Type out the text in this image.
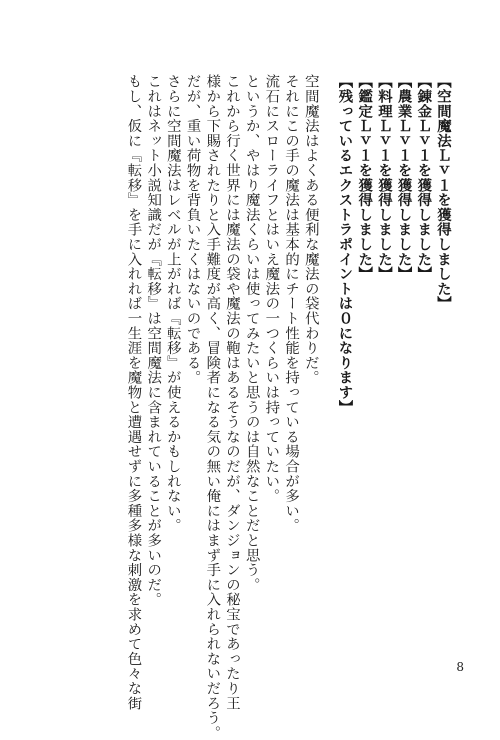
【空間魔法Ｌｖ１を獲得しました】
【錬金Ｌｖ１を獲得しました】
【農業Ｌｖ１を獲得しました】
【料理Ｌｖ１を獲得しました】
【鑑定Ｌｖ１を獲得しました】
【残っているエクストラポイントは０になります】
空間魔法はよくある便利な魔法の袋代わりだ。
それにこの手の魔法は基本的にチート性能を持っている場合が多い。
流石にスローライフとはいえ魔法の一つくらいは持っていたい。
というか、やはり魔法くらいは使ってみたいと思うのは自然なことだと思う。
これから行く世界には魔法の袋や魔法の鞄はあるそうなのだが、ダンジョンの秘宝であったり王
様から下賜されたりと入手難度が高く、冒険者になる気の無い俺にはまず手に入れられないだろう。
だが、重い荷物を背負いたくはないのである。
さらに空間魔法はレベルが上がれば『転移』が使えるかもしれない。
これはネット小説知識だが『転移』は空間魔法に含まれていることが多いのだ。
もし、仮に『転移』を手に入れれば一生涯を魔物と遭遇せずに多種多様な刺激を求めて色々な街	8
